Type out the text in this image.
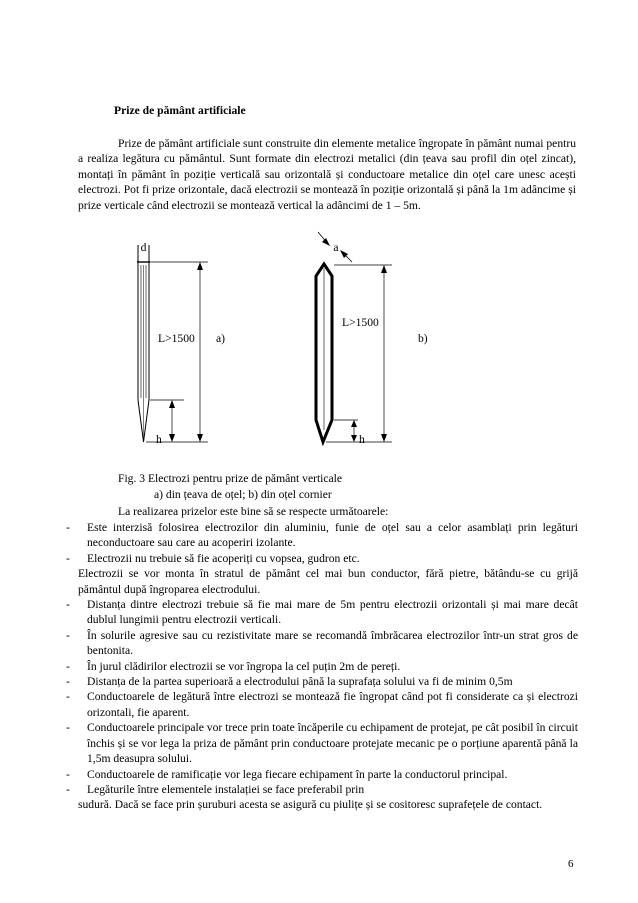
Prize de pământ artificiale
Prize de pământ artificiale sunt construite din elemente metalice îngropate în pământ numai pentru a realiza legătura cu pământul. Sunt formate din electrozi metalici (din țeava sau profil din oțel zincat), montați în pământ în poziție verticală sau orizontală și conductoare metalice din oțel care unesc acești electrozi. Pot fi prize orizontale, dacă electrozii se montează în poziție orizontală și până la 1m adâncime și prize verticale când electrozii se montează vertical la adâncimi de 1 – 5m.
d
L>1500
h
a)
a
L>1500
h
b)
Fig. 3 Electrozi pentru prize de pământ verticale
a) din țeava de oțel; b) din oțel cornier
La realizarea prizelor este bine să se respecte următoarele:
- Este interzisă folosirea electrozilor din aluminiu, funie de oțel sau a celor asamblați prin legături neconductoare sau care au acoperiri izolante.
- Electrozii nu trebuie să fie acoperiți cu vopsea, gudron etc.
Electrozii se vor monta în stratul de pământ cel mai bun conductor, fără pietre, bătându-se cu grijă pământul după îngroparea electrodului.
- Distanța dintre electrozi trebuie să fie mai mare de 5m pentru electrozii orizontali și mai mare decât dublul lungimii pentru electrozii verticali.
- În solurile agresive sau cu rezistivitate mare se recomandă îmbrăcarea electrozilor într-un strat gros de bentonita.
- În jurul clădirilor electrozii se vor îngropa la cel puțin 2m de pereți.
- Distanța de la partea superioară a electrodului până la suprafața solului va fi de minim 0,5m
- Conductoarele de legătură între electrozi se montează fie îngropat când pot fi considerate ca și electrozi orizontali, fie aparent.
- Conductoarele principale vor trece prin toate încăperile cu echipament de protejat, pe cât posibil în circuit închis și se vor lega la priza de pământ prin conductoare protejate mecanic pe o porțiune aparentă până la 1,5m deasupra solului.
- Conductoarele de ramificație vor lega fiecare echipament în parte la conductorul principal.
- Legăturile între elementele instalației se face preferabil prin
sudură. Dacă se face prin șuruburi acesta se asigură cu piulițe și se cositoresc suprafețele de contact.
6
